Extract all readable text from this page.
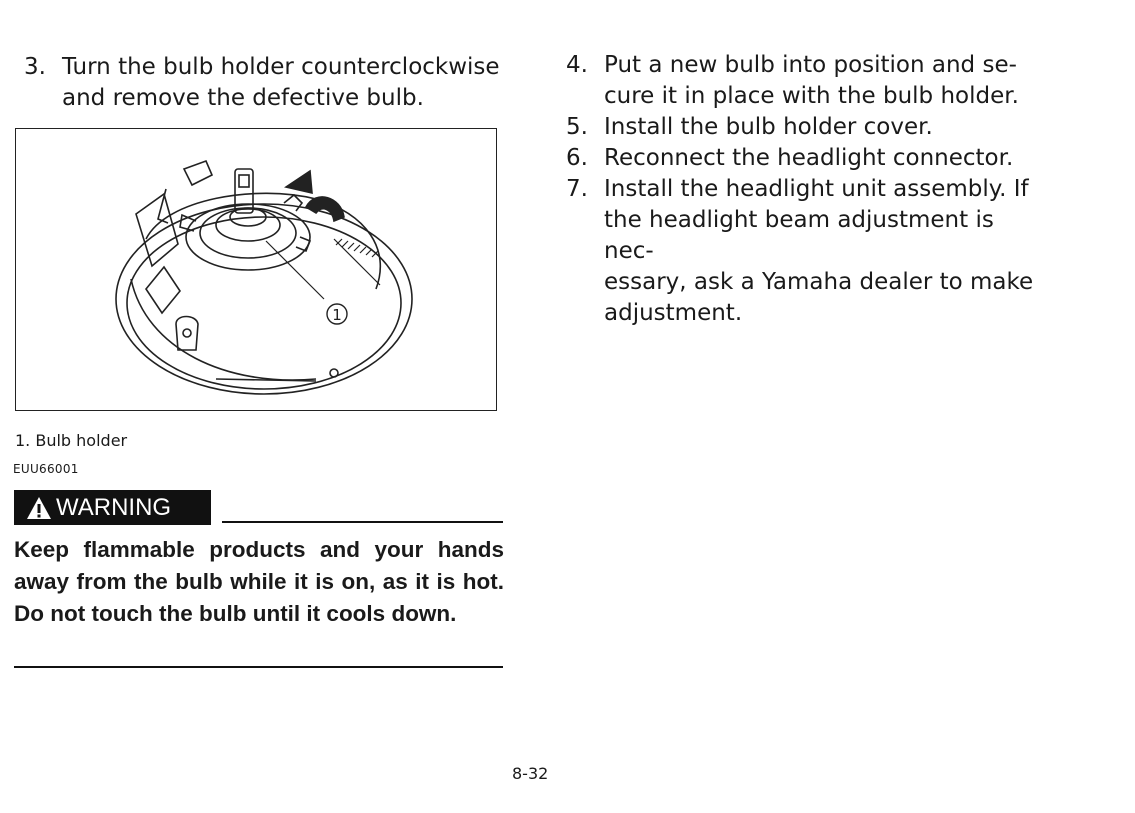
3. Turn the bulb holder counterclockwise
and remove the defective bulb.
1
1. Bulb holder
EUU66001
WARNING
Keep flammable products and your hands away from the bulb while it is on, as it is hot. Do not touch the bulb until it cools down.
4. Put a new bulb into position and se-
cure it in place with the bulb holder.
5. Install the bulb holder cover.
6. Reconnect the headlight connector.
7. Install the headlight unit assembly. If
the headlight beam adjustment is nec-
essary, ask a Yamaha dealer to make
adjustment.
8-32
